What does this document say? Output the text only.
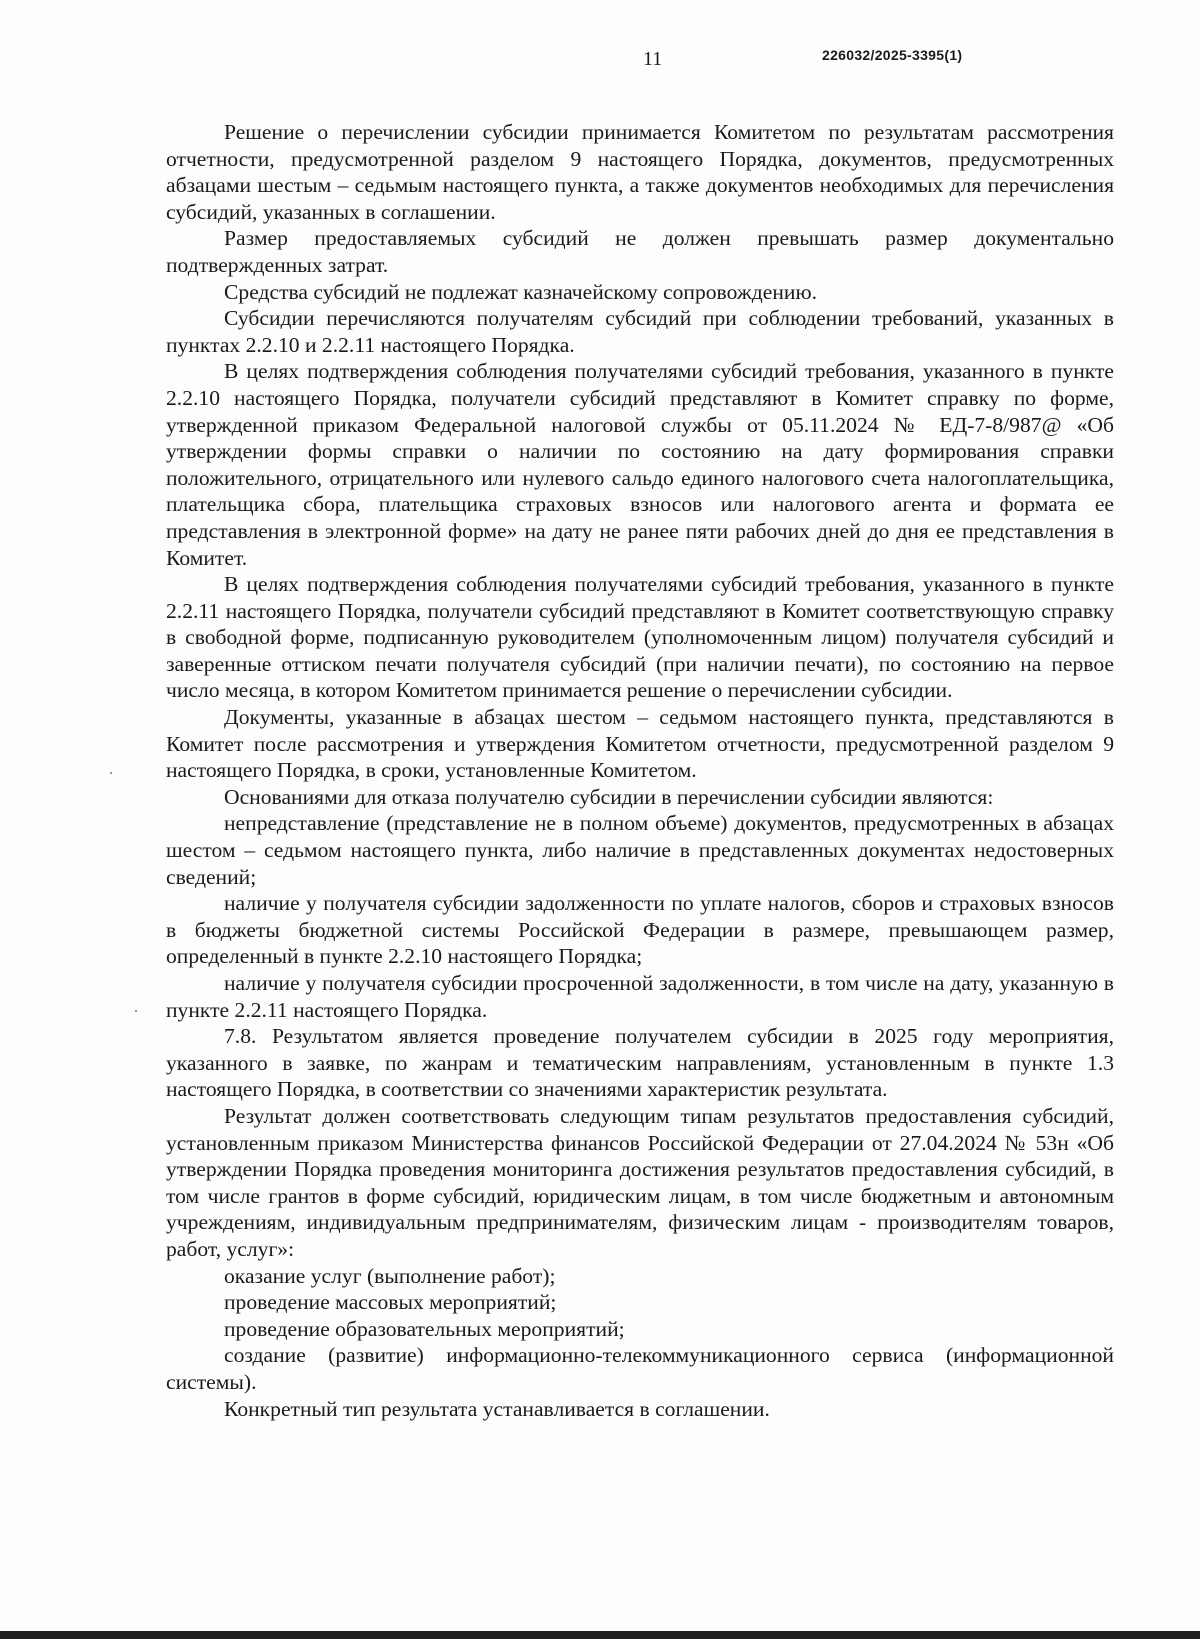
11	226032/2025-3395(1)

Решение о перечислении субсидии принимается Комитетом по результатам рассмотрения отчетности, предусмотренной разделом 9 настоящего Порядка, документов, предусмотренных абзацами шестым – седьмым настоящего пункта, а также документов необходимых для перечисления субсидий, указанных в соглашении.

Размер предоставляемых субсидий не должен превышать размер документально подтвержденных затрат.

Средства субсидий не подлежат казначейскому сопровождению.

Субсидии перечисляются получателям субсидий при соблюдении требований, указанных в пунктах 2.2.10 и 2.2.11 настоящего Порядка.

В целях подтверждения соблюдения получателями субсидий требования, указанного в пункте 2.2.10 настоящего Порядка, получатели субсидий представляют в Комитет справку по форме, утвержденной приказом Федеральной налоговой службы от 05.11.2024 № ЕД-7-8/987@ «Об утверждении формы справки о наличии по состоянию на дату формирования справки положительного, отрицательного или нулевого сальдо единого налогового счета налогоплательщика, плательщика сбора, плательщика страховых взносов или налогового агента и формата ее представления в электронной форме» на дату не ранее пяти рабочих дней до дня ее представления в Комитет.

В целях подтверждения соблюдения получателями субсидий требования, указанного в пункте 2.2.11 настоящего Порядка, получатели субсидий представляют в Комитет соответствующую справку в свободной форме, подписанную руководителем (уполномоченным лицом) получателя субсидий и заверенные оттиском печати получателя субсидий (при наличии печати), по состоянию на первое число месяца, в котором Комитетом принимается решение о перечислении субсидии.

Документы, указанные в абзацах шестом – седьмом настоящего пункта, представляются в Комитет после рассмотрения и утверждения Комитетом отчетности, предусмотренной разделом 9 настоящего Порядка, в сроки, установленные Комитетом.

Основаниями для отказа получателю субсидии в перечислении субсидии являются:

непредставление (представление не в полном объеме) документов, предусмотренных в абзацах шестом – седьмом настоящего пункта, либо наличие в представленных документах недостоверных сведений;

наличие у получателя субсидии задолженности по уплате налогов, сборов и страховых взносов в бюджеты бюджетной системы Российской Федерации в размере, превышающем размер, определенный в пункте 2.2.10 настоящего Порядка;

наличие у получателя субсидии просроченной задолженности, в том числе на дату, указанную в пункте 2.2.11 настоящего Порядка.

7.8. Результатом является проведение получателем субсидии в 2025 году мероприятия, указанного в заявке, по жанрам и тематическим направлениям, установленным в пункте 1.3 настоящего Порядка, в соответствии со значениями характеристик результата.

Результат должен соответствовать следующим типам результатов предоставления субсидий, установленным приказом Министерства финансов Российской Федерации от 27.04.2024 № 53н «Об утверждении Порядка проведения мониторинга достижения результатов предоставления субсидий, в том числе грантов в форме субсидий, юридическим лицам, в том числе бюджетным и автономным учреждениям, индивидуальным предпринимателям, физическим лицам - производителям товаров, работ, услуг»:

оказание услуг (выполнение работ);

проведение массовых мероприятий;

проведение образовательных мероприятий;

создание (развитие) информационно-телекоммуникационного сервиса (информационной системы).

Конкретный тип результата устанавливается в соглашении.
